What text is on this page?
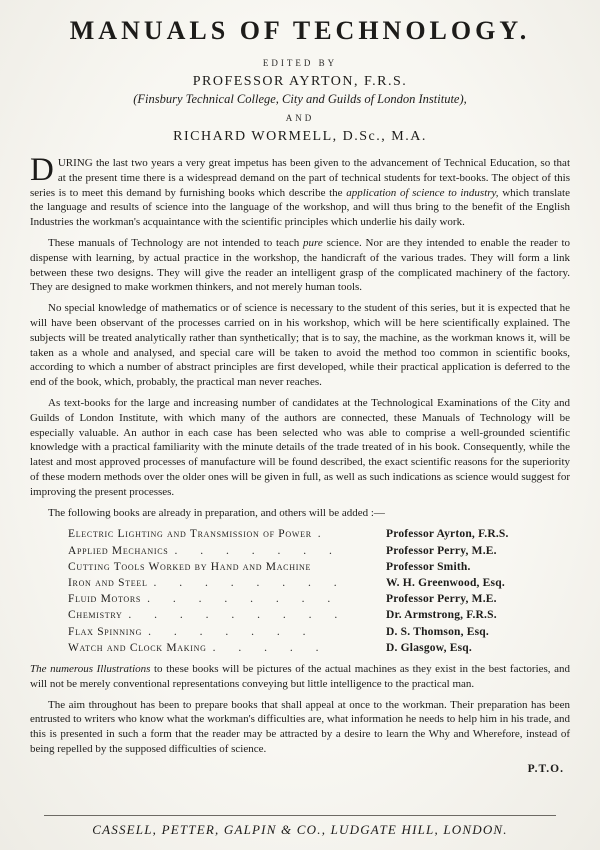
MANUALS OF TECHNOLOGY.
EDITED BY
PROFESSOR AYRTON, F.R.S.
(Finsbury Technical College, City and Guilds of London Institute),
AND
RICHARD WORMELL, D.Sc., M.A.

DURING the last two years a very great impetus has been given to the advancement of Technical Education, so that at the present time there is a widespread demand on the part of technical students for text-books. The object of this series is to meet this demand by furnishing books which describe the application of science to industry, which translate the language and results of science into the language of the workshop, and will thus bring to the benefit of the English Industries the workman's acquaintance with the scientific principles which underlie his daily work.

These manuals of Technology are not intended to teach pure science. Nor are they intended to enable the reader to dispense with learning, by actual practice in the workshop, the handicraft of the various trades. They will form a link between these two designs. They will give the reader an intelligent grasp of the complicated machinery of the factory. They are designed to make workmen thinkers, and not merely human tools.

No special knowledge of mathematics or of science is necessary to the student of this series, but it is expected that he will have been observant of the processes carried on in his workshop, which will be here scientifically explained. The subjects will be treated analytically rather than synthetically; that is to say, the machine, as the workman knows it, will be taken as a whole and analysed, and special care will be taken to avoid the method too common in scientific books, according to which a number of abstract principles are first developed, while their practical application is deferred to the end of the book, which, probably, the practical man never reaches.

As text-books for the large and increasing number of candidates at the Technological Examinations of the City and Guilds of London Institute, with which many of the authors are connected, these Manuals of Technology will be especially valuable. An author in each case has been selected who was able to comprise a well-grounded scientific knowledge with a practical familiarity with the minute details of the trade treated of in his book. Consequently, while the latest and most approved processes of manufacture will be found described, the exact scientific reasons for the superiority of these modern methods over the older ones will be given in full, as well as such indications as science would suggest for improving the present processes.

The following books are already in preparation, and others will be added :—

Electric Lighting and Transmission of Power .	Professor Ayrton, F.R.S.
Applied Mechanics . . . . . . .	Professor Perry, M.E.
Cutting Tools Worked by Hand and Machine	Professor Smith.
Iron and Steel . . . . . . . .	W. H. Greenwood, Esq.
Fluid Motors . . . . . . . .	Professor Perry, M.E.
Chemistry . . . . . . . . .	Dr. Armstrong, F.R.S.
Flax Spinning . . . . . . .	D. S. Thomson, Esq.
Watch and Clock Making . . . . .	D. Glasgow, Esq.

The numerous Illustrations to these books will be pictures of the actual machines as they exist in the best factories, and will not be merely conventional representations conveying but little intelligence to the practical man.

The aim throughout has been to prepare books that shall appeal at once to the workman. Their preparation has been entrusted to writers who know what the workman's difficulties are, what information he needs to help him in his trade, and this is presented in such a form that the reader may be attracted by a desire to learn the Why and Wherefore, instead of being repelled by the supposed difficulties of science.

P.T.O.
CASSELL, PETTER, GALPIN & CO., LUDGATE HILL, LONDON.
